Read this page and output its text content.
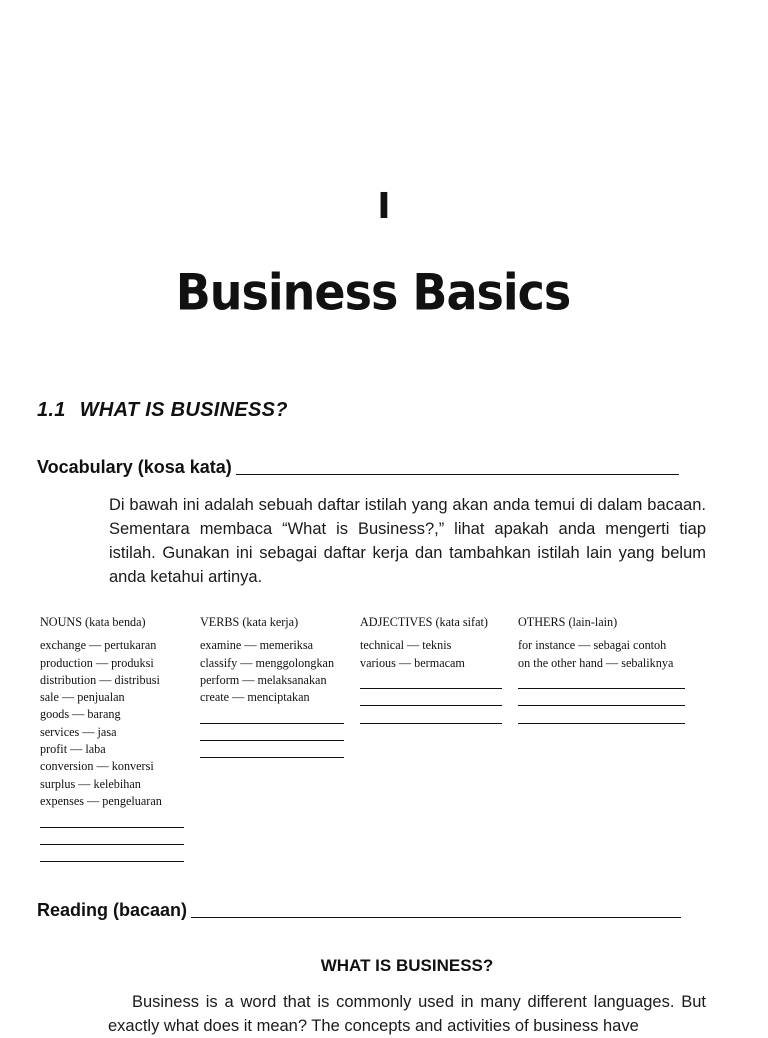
I
Business Basics
1.1 WHAT IS BUSINESS?
Vocabulary (kosa kata)
Di bawah ini adalah sebuah daftar istilah yang akan anda temui di dalam bacaan. Sementara membaca “What is Business?,” lihat apakah anda mengerti tiap istilah. Gunakan ini sebagai daftar kerja dan tambahkan istilah lain yang belum anda ketahui artinya.
NOUNS (kata benda)
exchange — pertukaran
production — produksi
distribution — distribusi
sale — penjualan
goods — barang
services — jasa
profit — laba
conversion — konversi
surplus — kelebihan
expenses — pengeluaran
VERBS (kata kerja)
examine — memeriksa
classify — menggolongkan
perform — melaksanakan
create — menciptakan
ADJECTIVES (kata sifat)
technical — teknis
various — bermacam
OTHERS (lain-lain)
for instance — sebagai contoh
on the other hand — sebaliknya
Reading (bacaan)
WHAT IS BUSINESS?
Business is a word that is commonly used in many different languages. But exactly what does it mean? The concepts and activities of business have
